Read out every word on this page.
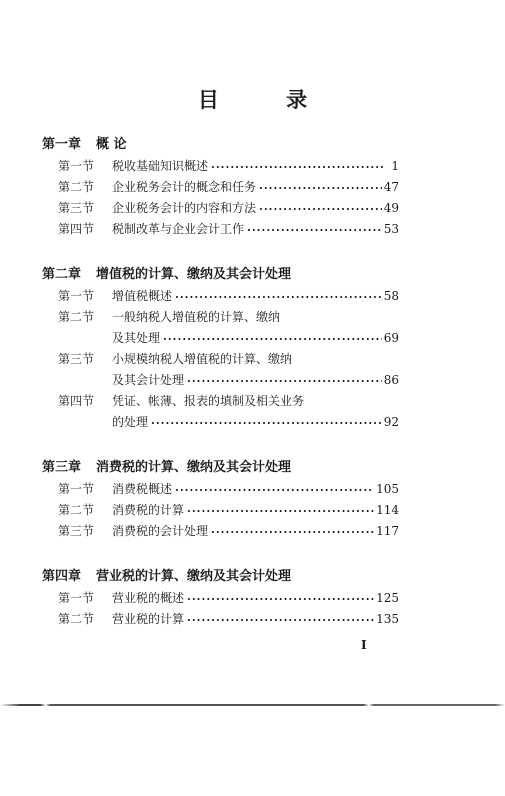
目 录
第一章 概 论
第一节 税收基础知识概述 .....	1
第二节 企业税务会计的概念和任务 .....	47
第三节 企业税务会计的内容和方法 .....	49
第四节 税制改革与企业会计工作 .....	53
第二章 增值税的计算、缴纳及其会计处理
第一节 增值税概述 .....	58
第二节 一般纳税人增值税的计算、缴纳
及其处理 .....	69
第三节 小规模纳税人增值税的计算、缴纳
及其会计处理 .....	86
第四节 凭证、帐薄、报表的填制及相关业务
的处理 .....	92
第三章 消费税的计算、缴纳及其会计处理
第一节 消费税概述 .....	105
第二节 消费税的计算 .....	114
第三节 消费税的会计处理 .....	117
第四章 营业税的计算、缴纳及其会计处理
第一节 营业税的概述 .....	125
第二节 营业税的计算 .....	135
I
